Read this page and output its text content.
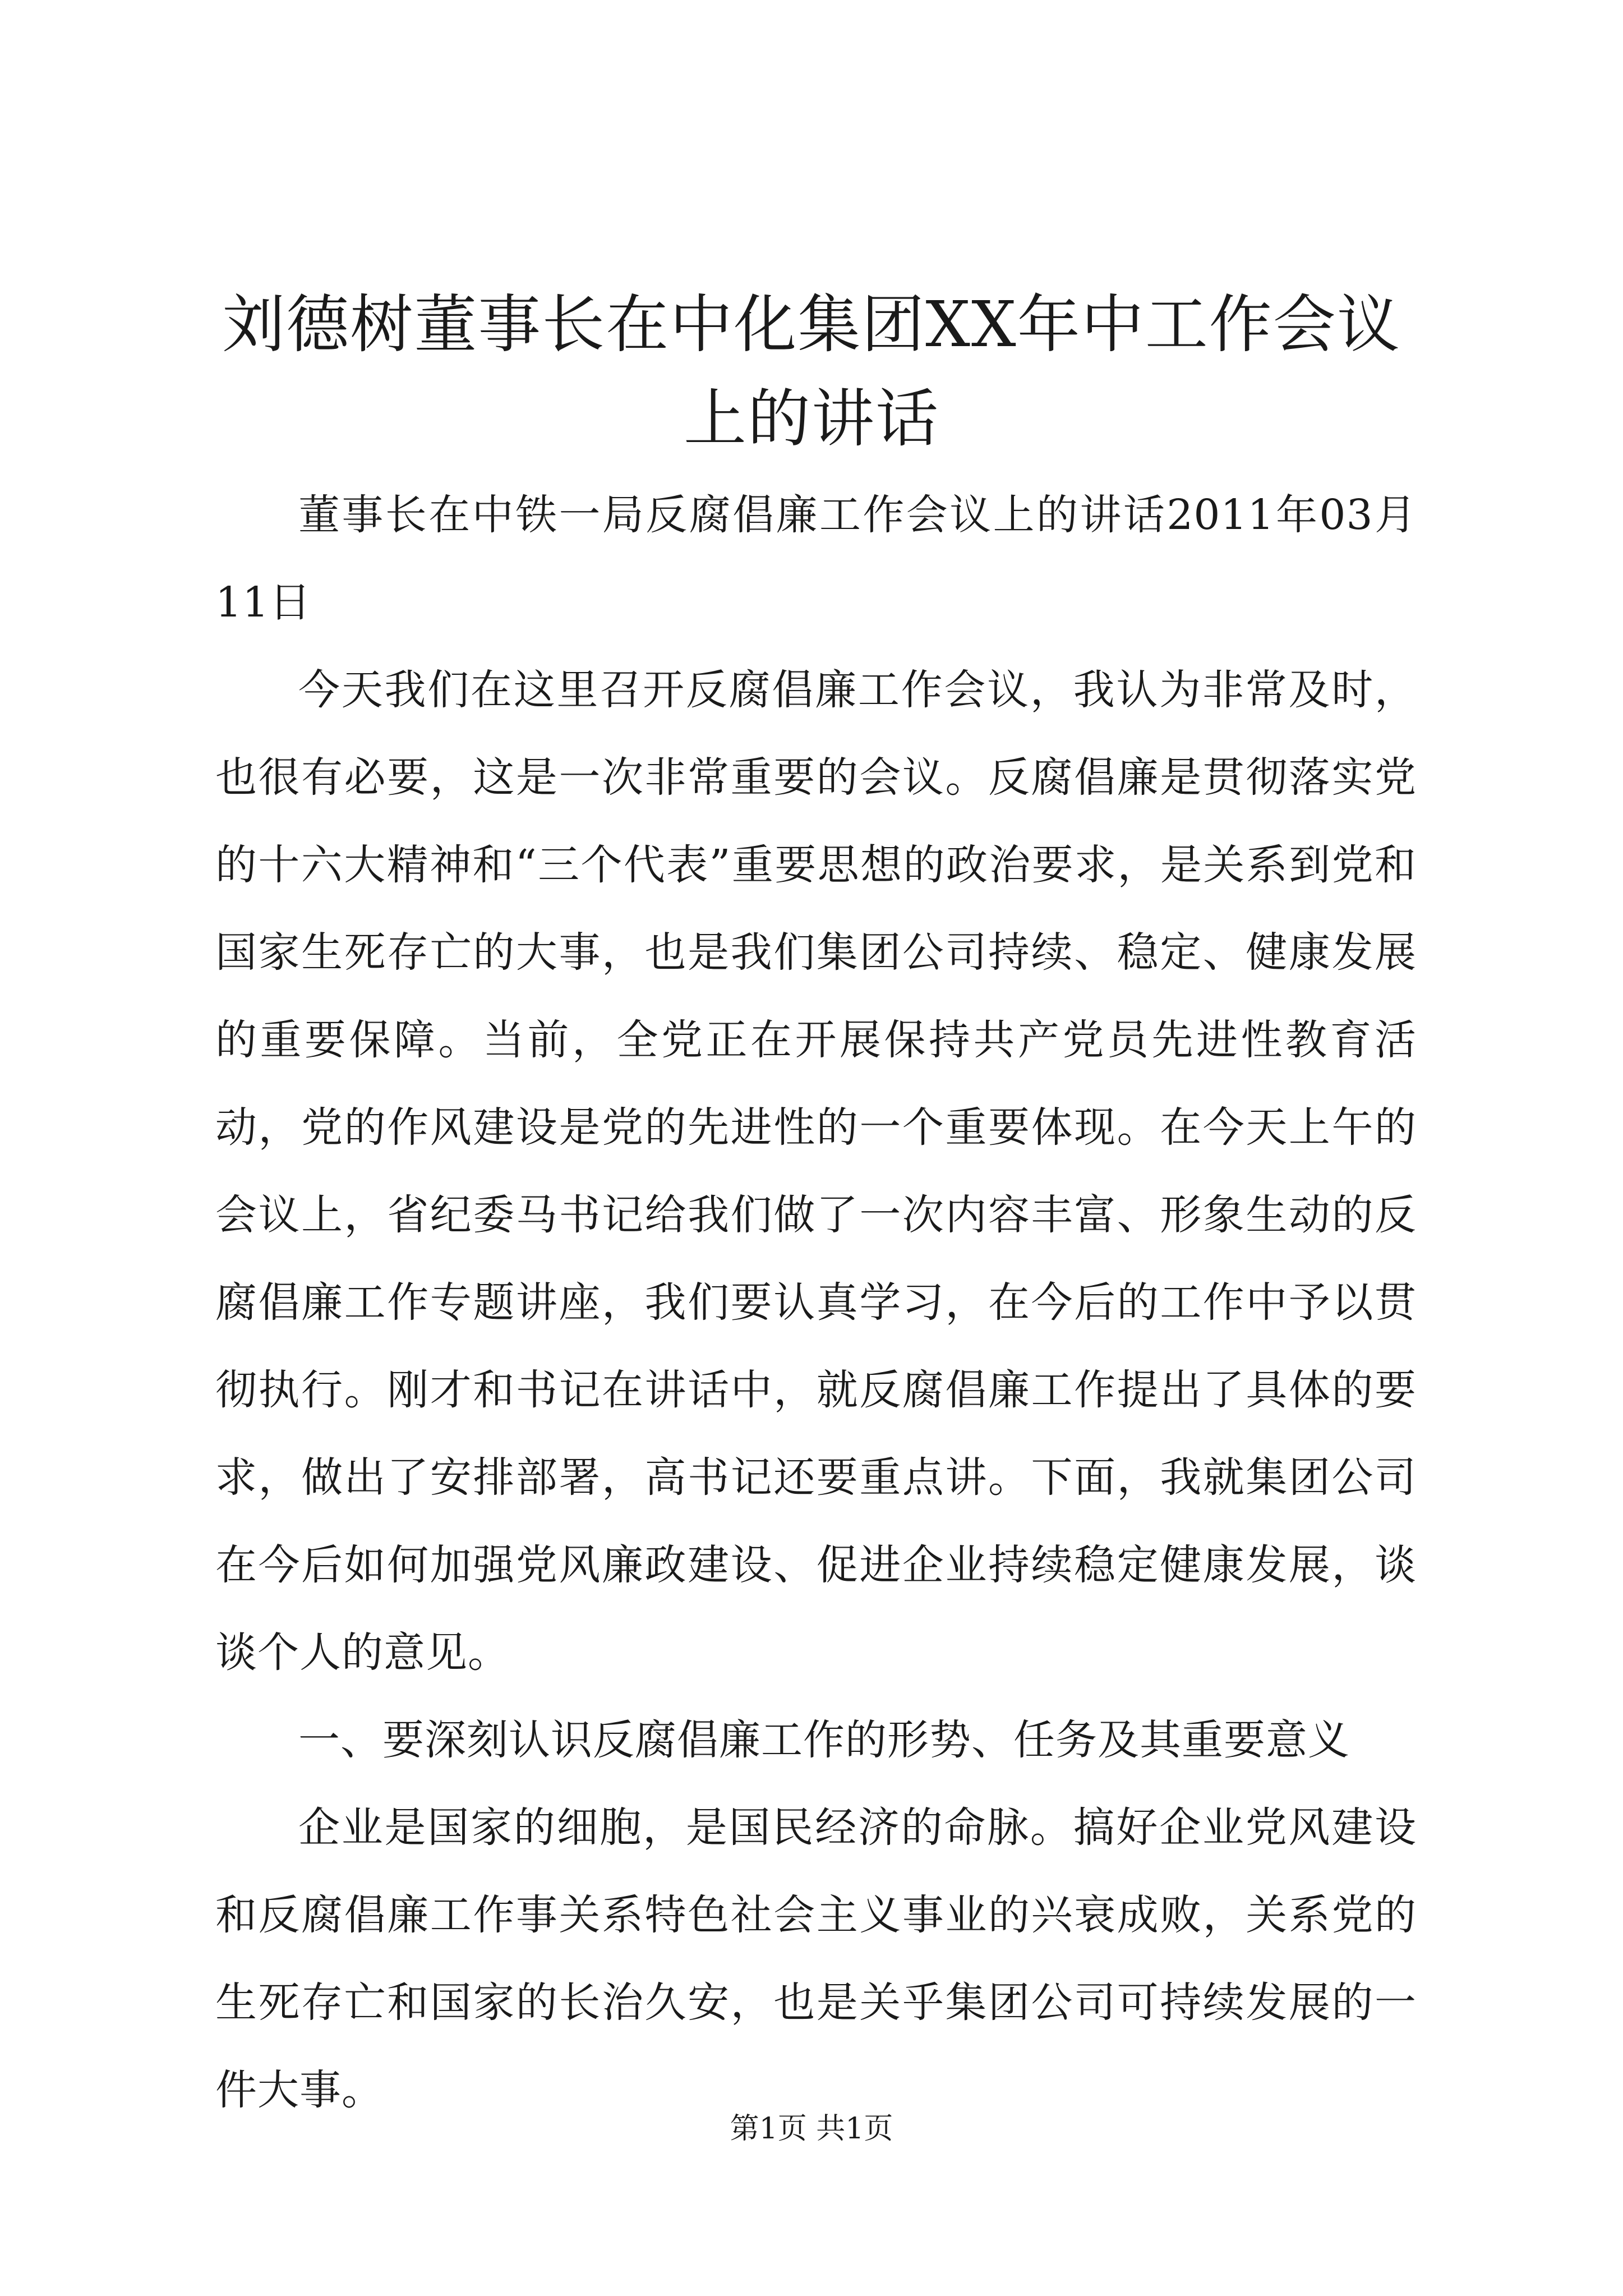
刘德树董事长在中化集团XX年中工作会议上的讲话

董事长在中铁一局反腐倡廉工作会议上的讲话2011年03月11日

今天我们在这里召开反腐倡廉工作会议，我认为非常及时，也很有必要，这是一次非常重要的会议。反腐倡廉是贯彻落实党的十六大精神和“三个代表”重要思想的政治要求，是关系到党和国家生死存亡的大事，也是我们集团公司持续、稳定、健康发展的重要保障。当前，全党正在开展保持共产党员先进性教育活动，党的作风建设是党的先进性的一个重要体现。在今天上午的会议上，省纪委马书记给我们做了一次内容丰富、形象生动的反腐倡廉工作专题讲座，我们要认真学习，在今后的工作中予以贯彻执行。刚才和书记在讲话中，就反腐倡廉工作提出了具体的要求，做出了安排部署，高书记还要重点讲。下面，我就集团公司在今后如何加强党风廉政建设、促进企业持续稳定健康发展，谈谈个人的意见。

一、要深刻认识反腐倡廉工作的形势、任务及其重要意义

企业是国家的细胞，是国民经济的命脉。搞好企业党风建设和反腐倡廉工作事关系特色社会主义事业的兴衰成败，关系党的生死存亡和国家的长治久安，也是关乎集团公司可持续发展的一件大事。

第1页 共1页
